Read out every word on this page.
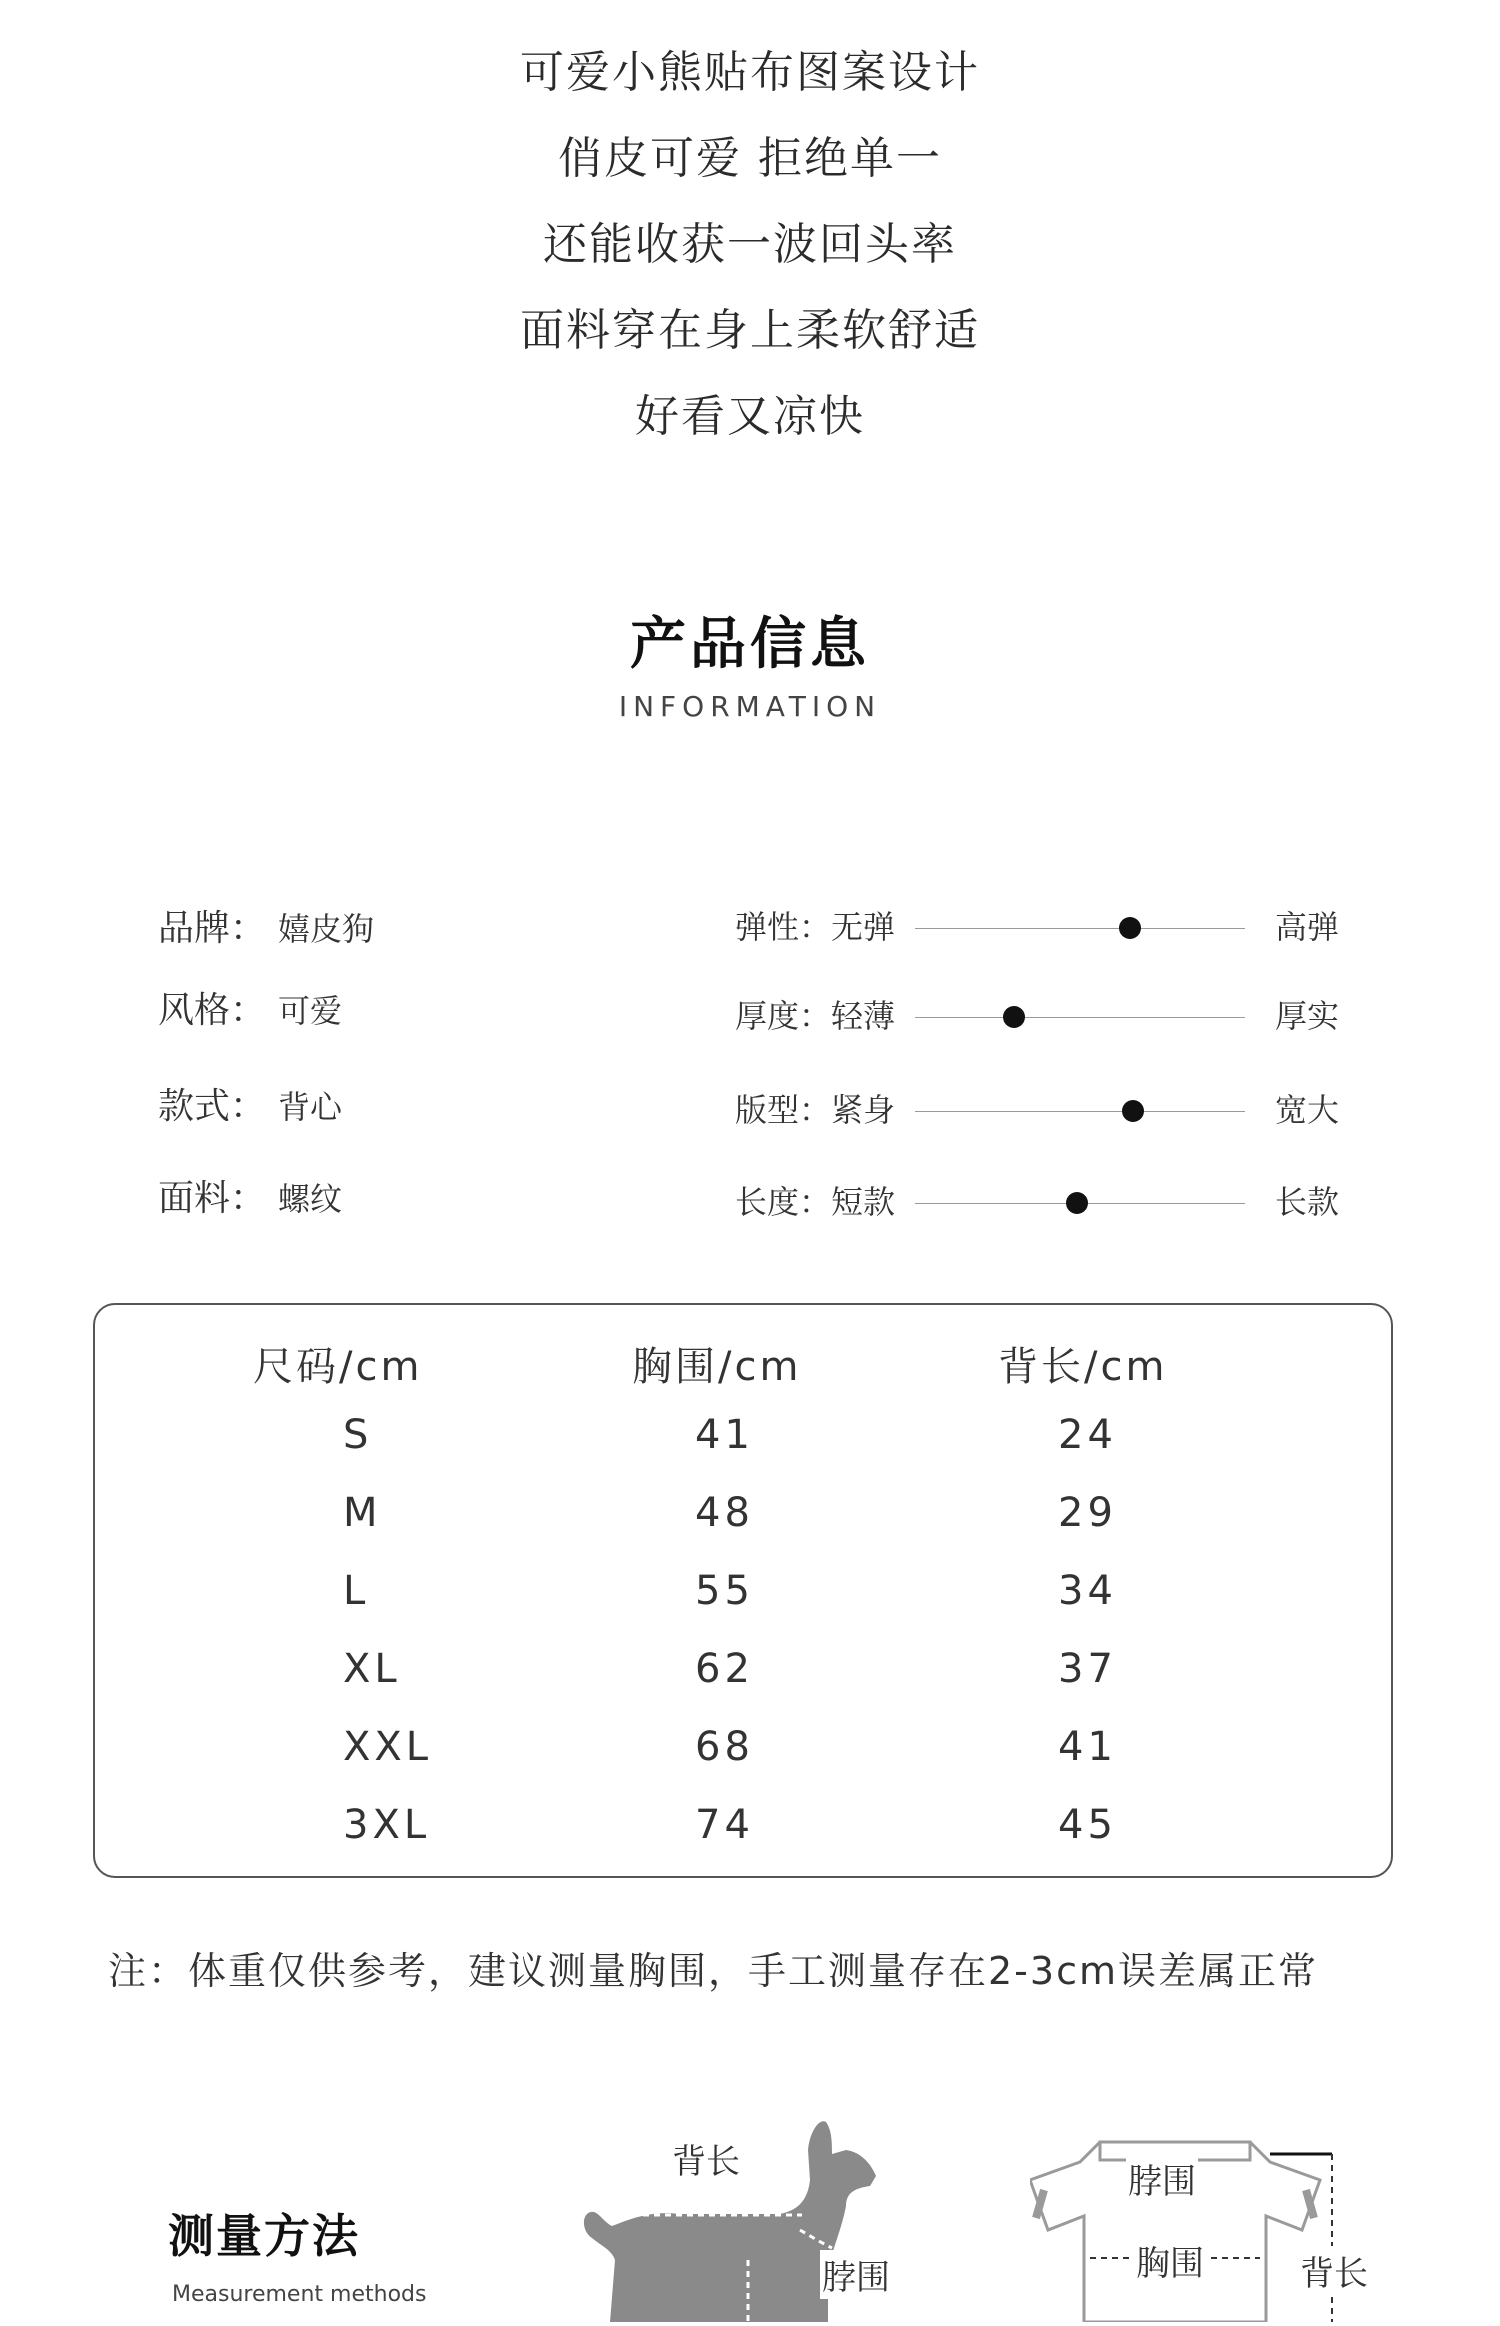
可爱小熊贴布图案设计
俏皮可爱 拒绝单一
还能收获一波回头率
面料穿在身上柔软舒适
好看又凉快
产品信息
INFORMATION
品牌： 嬉皮狗
风格： 可爱
款式： 背心
面料： 螺纹
弹性：无弹	高弹
厚度：轻薄	厚实
版型：紧身	宽大
长度：短款	长款
尺码/cm	胸围/cm	背长/cm
S	41	24
M	48	29
L	55	34
XL	62	37
XXL	68	41
3XL	74	45
注：体重仅供参考，建议测量胸围，手工测量存在2-3cm误差属正常
测量方法
Measurement methods
背长
脖围
脖围
胸围	背长
